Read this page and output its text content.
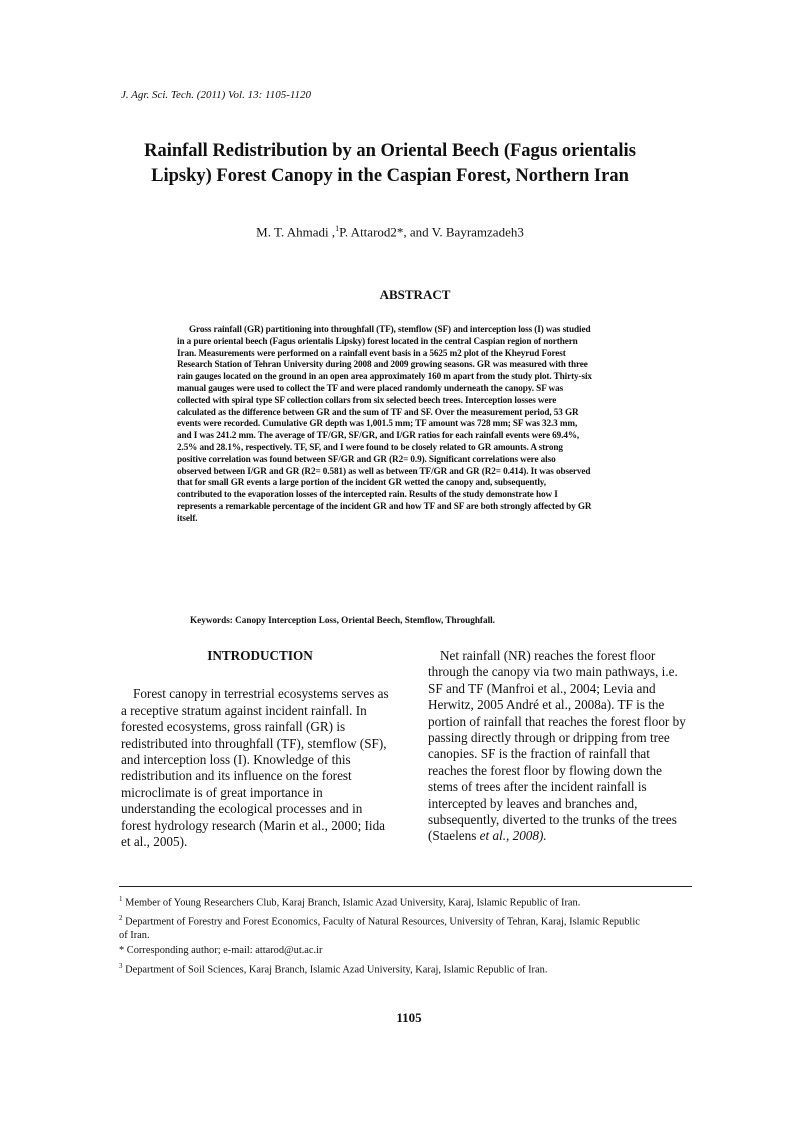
J. Agr. Sci. Tech. (2011) Vol. 13: 1105-1120
Rainfall Redistribution by an Oriental Beech (Fagus orientalis
Lipsky) Forest Canopy in the Caspian Forest, Northern Iran
M. T. Ahmadi ,$^1$P. Attarod2*, and V. Bayramzadeh3
ABSTRACT
Gross rainfall (GR) partitioning into throughfall (TF), stemflow (SF) and interception loss (I) was studied in a pure oriental beech (Fagus orientalis Lipsky) forest located in the central Caspian region of northern Iran. Measurements were performed on a rainfall event basis in a 5625 m2 plot of the Kheyrud Forest Research Station of Tehran University during 2008 and 2009 growing seasons. GR was measured with three rain gauges located on the ground in an open area approximately 160 m apart from the study plot. Thirty-six manual gauges were used to collect the TF and were placed randomly underneath the canopy. SF was collected with spiral type SF collection collars from six selected beech trees. Interception losses were calculated as the difference between GR and the sum of TF and SF. Over the measurement period, 53 GR events were recorded. Cumulative GR depth was 1,001.5 mm; TF amount was 728 mm; SF was 32.3 mm, and I was 241.2 mm. The average of TF/GR, SF/GR, and I/GR ratios for each rainfall events were 69.4%, 2.5% and 28.1%, respectively. TF, SF, and I were found to be closely related to GR amounts. A strong positive correlation was found between SF/GR and GR (R2= 0.9). Significant correlations were also observed between I/GR and GR (R2= 0.581) as well as between TF/GR and GR (R2= 0.414). It was observed that for small GR events a large portion of the incident GR wetted the canopy and, subsequently, contributed to the evaporation losses of the intercepted rain. Results of the study demonstrate how I represents a remarkable percentage of the incident GR and how TF and SF are both strongly affected by GR itself.
Keywords: Canopy Interception Loss, Oriental Beech, Stemflow, Throughfall.
INTRODUCTION
Forest canopy in terrestrial ecosystems serves as a receptive stratum against incident rainfall. In forested ecosystems, gross rainfall (GR) is redistributed into throughfall (TF), stemflow (SF), and interception loss (I). Knowledge of this redistribution and its influence on the forest microclimate is of great importance in understanding the ecological processes and in forest hydrology research (Marin et al., 2000; Iida et al., 2005).
Net rainfall (NR) reaches the forest floor through the canopy via two main pathways, i.e. SF and TF (Manfroi et al., 2004; Levia and Herwitz, 2005 André et al., 2008a). TF is the portion of rainfall that reaches the forest floor by passing directly through or dripping from tree canopies. SF is the fraction of rainfall that reaches the forest floor by flowing down the stems of trees after the incident rainfall is intercepted by leaves and branches and, subsequently, diverted to the trunks of the trees (Staelens et al., 2008).
$^1$ Member of Young Researchers Club, Karaj Branch, Islamic Azad University, Karaj, Islamic Republic of Iran.
$^2$ Department of Forestry and Forest Economics, Faculty of Natural Resources, University of Tehran, Karaj, Islamic Republic of Iran.
* Corresponding author; e-mail: attarod@ut.ac.ir
$^3$ Department of Soil Sciences, Karaj Branch, Islamic Azad University, Karaj, Islamic Republic of Iran.
1105
